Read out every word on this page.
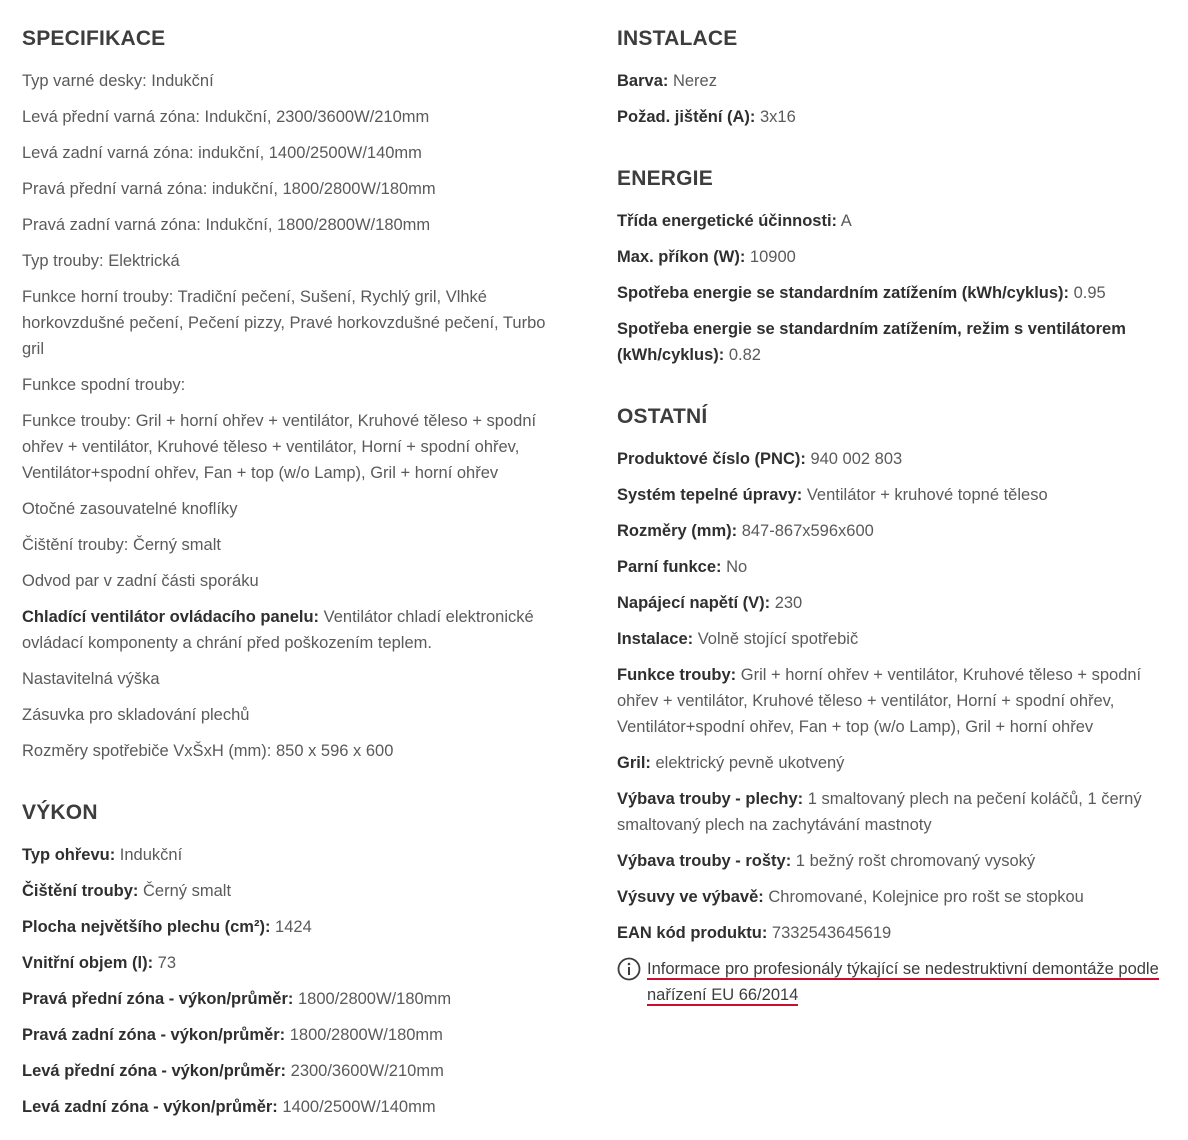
SPECIFIKACE
Typ varné desky: Indukční
Levá přední varná zóna: Indukční, 2300/3600W/210mm
Levá zadní varná zóna: indukční, 1400/2500W/140mm
Pravá přední varná zóna: indukční, 1800/2800W/180mm
Pravá zadní varná zóna: Indukční, 1800/2800W/180mm
Typ trouby: Elektrická
Funkce horní trouby: Tradiční pečení, Sušení, Rychlý gril, Vlhké horkovzdušné pečení, Pečení pizzy, Pravé horkovzdušné pečení, Turbo gril
Funkce spodní trouby:
Funkce trouby: Gril + horní ohřev + ventilátor, Kruhové těleso + spodní ohřev + ventilátor, Kruhové těleso + ventilátor, Horní + spodní ohřev, Ventilátor+spodní ohřev, Fan + top (w/o Lamp), Gril + horní ohřev
Otočné zasouvatelné knoflíky
Čištění trouby: Černý smalt
Odvod par v zadní části sporáku
Chladící ventilátor ovládacího panelu: Ventilátor chladí elektronické ovládací komponenty a chrání před poškozením teplem.
Nastavitelná výška
Zásuvka pro skladování plechů
Rozměry spotřebiče VxŠxH (mm): 850 x 596 x 600
VÝKON
Typ ohřevu: Indukční
Čištění trouby: Černý smalt
Plocha největšího plechu (cm²): 1424
Vnitřní objem (l): 73
Pravá přední zóna - výkon/průměr: 1800/2800W/180mm
Pravá zadní zóna - výkon/průměr: 1800/2800W/180mm
Levá přední zóna - výkon/průměr: 2300/3600W/210mm
Levá zadní zóna - výkon/průměr: 1400/2500W/140mm
INSTALACE
Barva: Nerez
Požad. jištění (A): 3x16
ENERGIE
Třída energetické účinnosti: A
Max. příkon (W): 10900
Spotřeba energie se standardním zatížením (kWh/cyklus): 0.95
Spotřeba energie se standardním zatížením, režim s ventilátorem (kWh/cyklus): 0.82
OSTATNÍ
Produktové číslo (PNC): 940 002 803
Systém tepelné úpravy: Ventilátor + kruhové topné těleso
Rozměry (mm): 847-867x596x600
Parní funkce: No
Napájecí napětí (V): 230
Instalace: Volně stojící spotřebič
Funkce trouby: Gril + horní ohřev + ventilátor, Kruhové těleso + spodní ohřev + ventilátor, Kruhové těleso + ventilátor, Horní + spodní ohřev, Ventilátor+spodní ohřev, Fan + top (w/o Lamp), Gril + horní ohřev
Gril: elektrický pevně ukotvený
Výbava trouby - plechy: 1 smaltovaný plech na pečení koláčů, 1 černý smaltovaný plech na zachytávání mastnoty
Výbava trouby - rošty: 1 bežný rošt chromovaný vysoký
Výsuvy ve výbavě: Chromované, Kolejnice pro rošt se stopkou
EAN kód produktu: 7332543645619
Informace pro profesionály týkající se nedestruktivní demontáže podle nařízení EU 66/2014
